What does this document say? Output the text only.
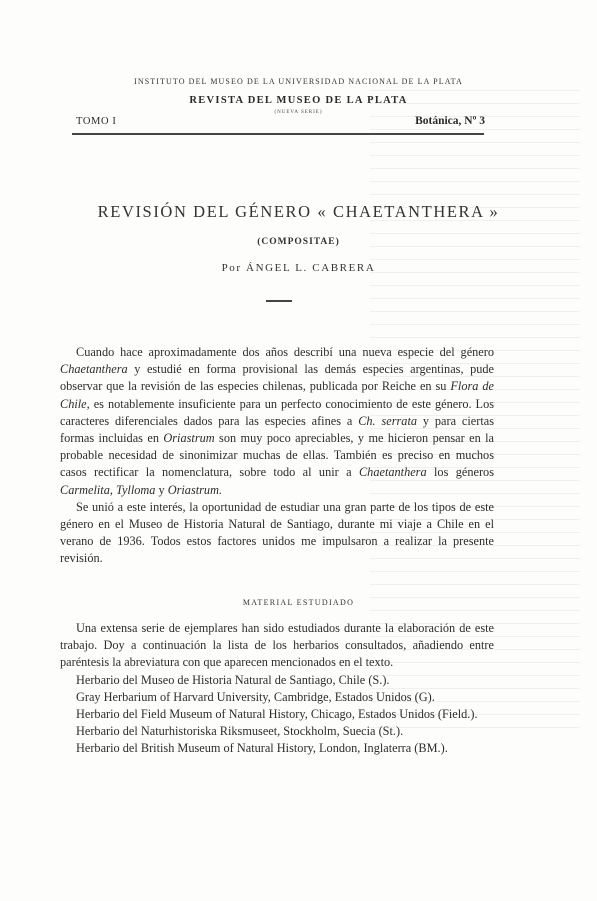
INSTITUTO DEL MUSEO DE LA UNIVERSIDAD NACIONAL DE LA PLATA
REVISTA DEL MUSEO DE LA PLATA
(NUEVA SERIE)
TOMO I	Botánica, Nº 3
REVISIÓN DEL GÉNERO « CHAETANTHERA »
(COMPOSITAE)
Por ÁNGEL L. CABRERA

Cuando hace aproximadamente dos años describí una nueva especie del género Chaetanthera y estudié en forma provisional las demás especies argentinas, pude observar que la revisión de las especies chilenas, publicada por Reiche en su Flora de Chile, es notablemente insuficiente para un perfecto conocimiento de este género. Los caracteres diferenciales dados para las especies afines a Ch. serrata y para ciertas formas incluidas en Oriastrum son muy poco apreciables, y me hicieron pensar en la probable necesidad de sinonimizar muchas de ellas. También es preciso en muchos casos rectificar la nomenclatura, sobre todo al unir a Chaetanthera los géneros Carmelita, Tylloma y Oriastrum.

Se unió a este interés, la oportunidad de estudiar una gran parte de los tipos de este género en el Museo de Historia Natural de Santiago, durante mi viaje a Chile en el verano de 1936. Todos estos factores unidos me impulsaron a realizar la presente revisión.

MATERIAL ESTUDIADO

Una extensa serie de ejemplares han sido estudiados durante la elaboración de este trabajo. Doy a continuación la lista de los herbarios consultados, añadiendo entre paréntesis la abreviatura con que aparecen mencionados en el texto.

Herbario del Museo de Historia Natural de Santiago, Chile (S.).

Gray Herbarium of Harvard University, Cambridge, Estados Unidos (G).

Herbario del Field Museum of Natural History, Chicago, Estados Unidos (Field.).

Herbario del Naturhistoriska Riksmuseet, Stockholm, Suecia (St.).

Herbario del British Museum of Natural History, London, Inglaterra (BM.).
